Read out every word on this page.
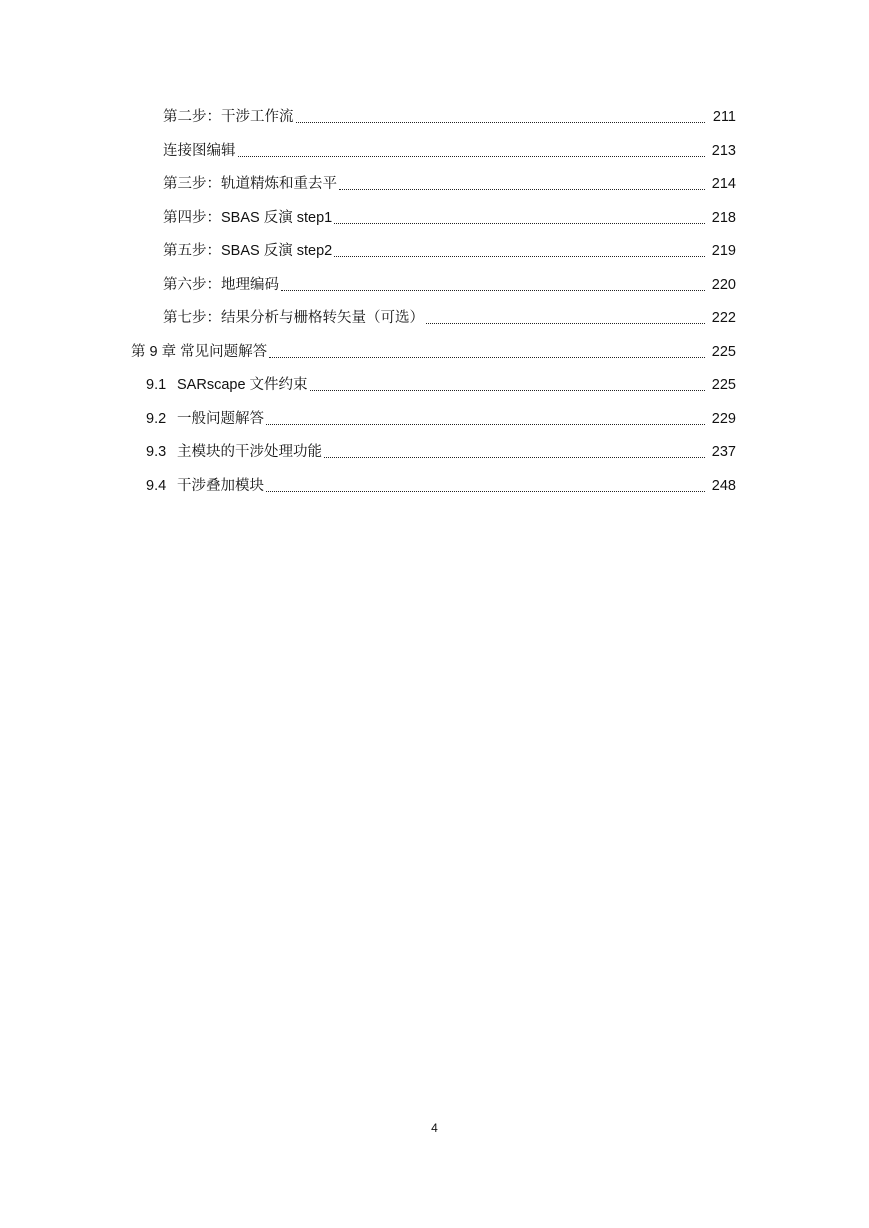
第二步：干涉工作流	211
连接图编辑	213
第三步：轨道精炼和重去平	214
第四步：SBAS 反演 step1	218
第五步：SBAS 反演 step2	219
第六步：地理编码	220
第七步：结果分析与栅格转矢量（可选）	222
第 9 章 常见问题解答	225
9.1 SARscape 文件约束	225
9.2 一般问题解答	229
9.3 主模块的干涉处理功能	237
9.4 干涉叠加模块	248
4
